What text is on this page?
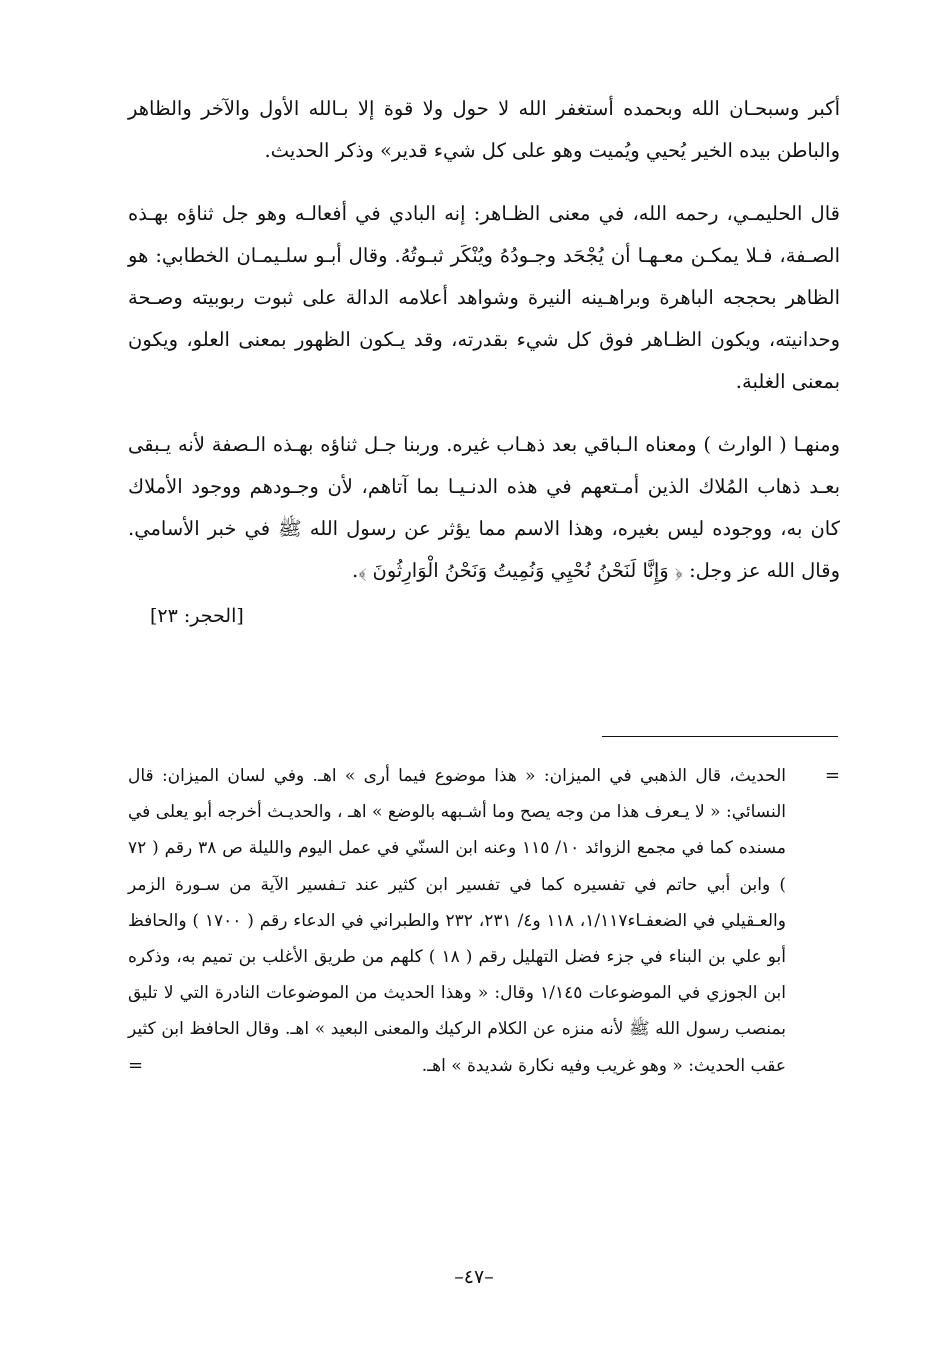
أكبر وسبحـان الله وبحمده أستغفر الله لا حول ولا قوة إلا بـالله الأول والآخر والظاهر والباطن بيده الخير يُحيي ويُميت وهو على كل شيء قدير» وذكر الحديث.

قال الحليمـي، رحمه الله، في معنى الظـاهر: إنه البادي في أفعالـه وهو جل ثناؤه بهـذه الصـفة، فـلا يمكـن معـهـا أن يُجْحَد وجـودُهُ ويُنْكَر ثبـوتُهُ. وقال أبـو سلـيمـان الخطابي: هو الظاهر بحججه الباهرة وبراهـينه النيرة وشواهد أعلامه الدالة على ثبوت ربوبيته وصـحة وحدانيته، ويكون الظـاهر فوق كل شيء بقدرته، وقد يـكون الظهور بمعنى العلو، ويكون بمعنى الغلبة.

ومنهـا ( الوارث ) ومعناه الـباقي بعد ذهـاب غيره. وربنا جـل ثناؤه بهـذه الـصفة لأنه يـبقى بعـد ذهاب المُلاك الذين أمـتعهم في هذه الدنـيـا بما آتاهم، لأن وجـودهم ووجود الأملاك كان به، ووجوده ليس بغيره، وهذا الاسم مما يؤثر عن رسول الله ﷺ في خبر الأسامي. وقال الله عز وجل: ﴿ وَإِنَّا لَنَحْنُ نُحْيِي وَنُمِيتُ وَنَحْنُ الْوَارِثُونَ ﴾.

[الحجر: ٢٣]

=
الحديث، قال الذهبي في الميزان: « هذا موضوع فيما أرى » اهـ. وفي لسان الميزان: قال النسائي: « لا يـعرف هذا من وجه يصح وما أشـبهه بالوضع » اهـ ، والحديـث أخرجه أبو يعلى في مسنده كما في مجمع الزوائد ١٠/ ١١٥ وعنه ابن السنّي في عمل اليوم والليلة ص ٣٨ رقم ( ٧٢ ) وابن أبي حاتم في تفسيره كما في تفسير ابن كثير عند تـفسير الآية من سـورة الزمر والعـقيلي في الضعفـاء١/١١٧، ١١٨ و٤/ ٢٣١، ٢٣٢ والطبراني في الدعاء رقم ( ١٧٠٠ ) والحافظ أبو علي بن البناء في جزء فضل التهليل رقم ( ١٨ ) كلهم من طريق الأغلب بن تميم به، وذكره ابن الجوزي في الموضوعات ١/١٤٥ وقال: « وهذا الحديث من الموضوعات النادرة التي لا تليق بمنصب رسول الله ﷺ لأنه منزه عن الكلام الركيك والمعنى البعيد » اهـ. وقال الحافظ ابن كثير عقب الحديث: « وهو غريب وفيه نكارة شديدة » اهـ.
=

–٤٧–
